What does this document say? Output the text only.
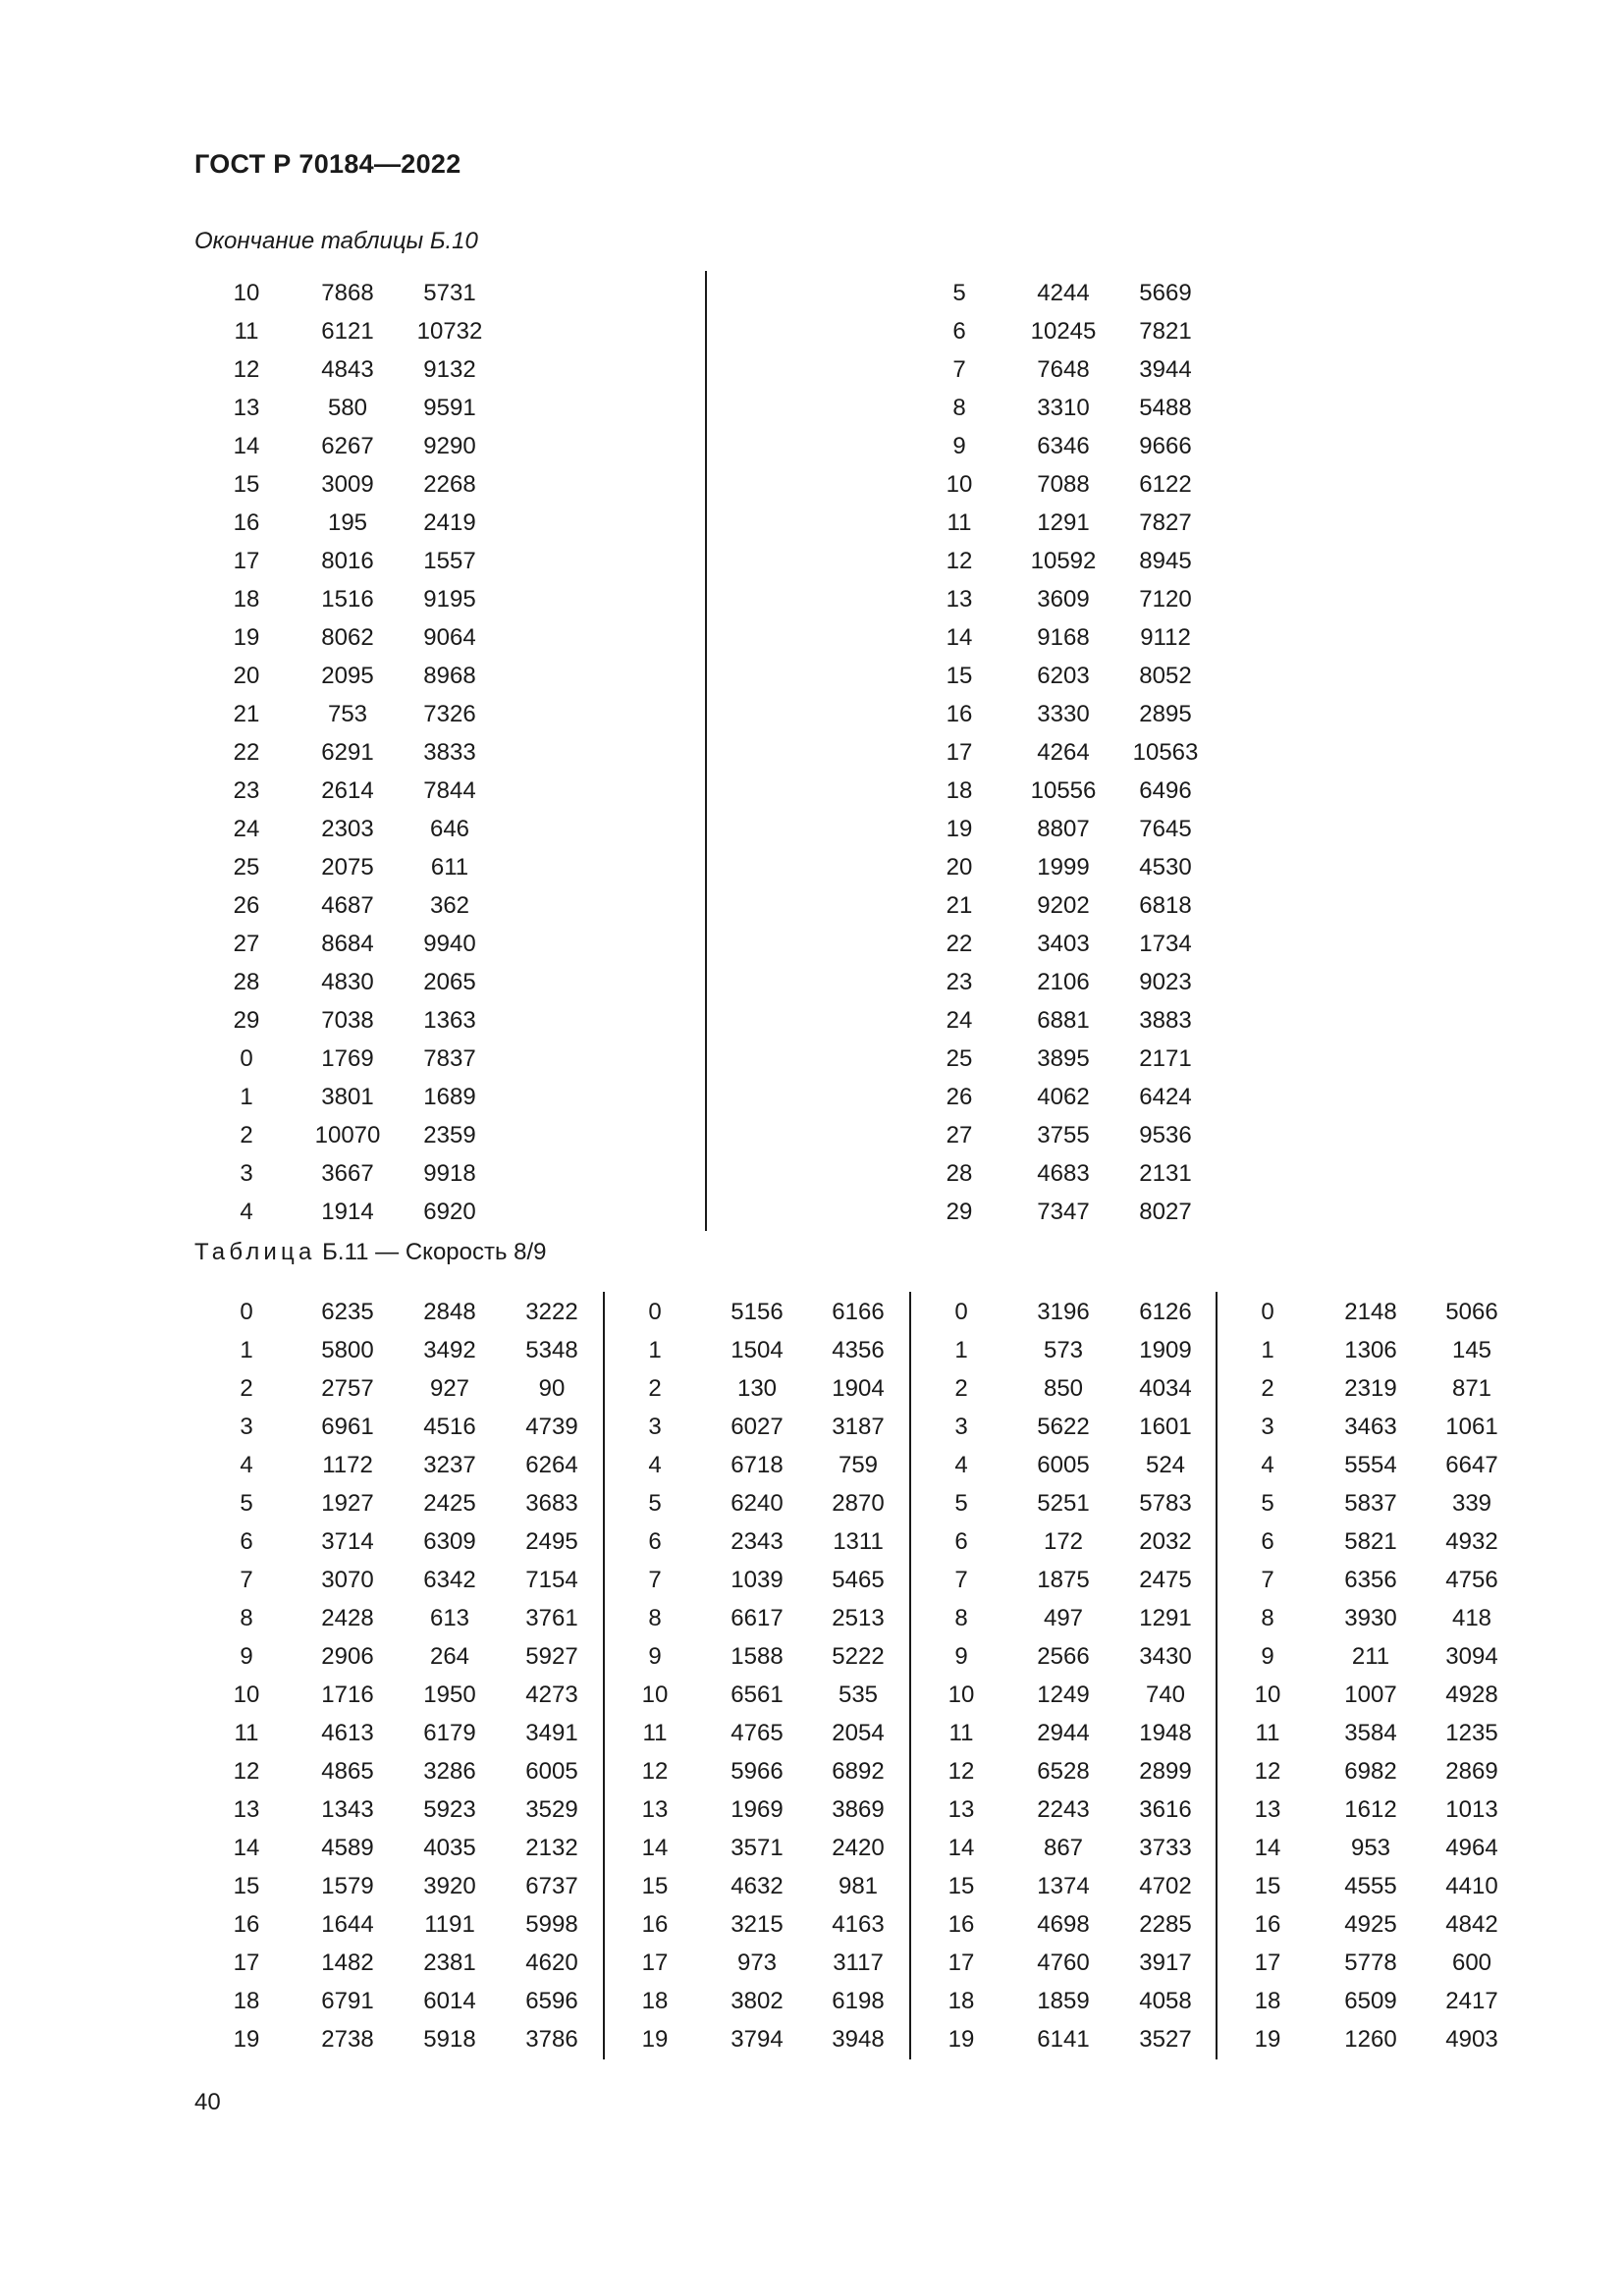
ГОСТ Р 70184—2022
Окончание таблицы Б.10
10	7868 5731
11	6121 10732
12	4843 9132
13	580 9591
14	6267 9290
15	3009 2268
16	195 2419
17	8016 1557
18	1516 9195
19	8062 9064
20	2095 8968
21	753 7326
22	6291 3833
23	2614 7844
24	2303 646
25	2075 611
26	4687 362
27	8684 9940
28	4830 2065
29	7038 1363
0	1769 7837
1	3801 1689
2	10070 2359
3	3667 9918
4	1914 6920
5	4244 5669
6	10245 7821
7	7648 3944
8	3310 5488
9	6346 9666
10	7088 6122
11	1291 7827
12 10592 8945
13	3609 7120
14	9168 9112
15	6203 8052
16	3330 2895
17	4264 10563
18 10556 6496
19	8807 7645
20	1999 4530
21	9202 6818
22	3403 1734
23	2106 9023
24	6881 3883
25	3895 2171
26	4062 6424
27	3755 9536
28	4683 2131
29	7347 8027
Таблица Б.11 — Скорость 8/9
0	6235 2848 3222
1	5800 3492 5348
2	2757 927	90
3	6961 4516 4739
4	1172 3237 6264
5	1927 2425 3683
6	3714 6309 2495
7	3070 6342 7154
8	2428 613 3761
9	2906 264 5927
10	1716 1950 4273
11	4613 6179 3491
12	4865 3286 6005
13	1343 5923 3529
14	4589 4035 2132
15	1579 3920 6737
16	1644 1191 5998
17	1482 2381 4620
18	6791 6014 6596
19	2738 5918 3786
0	5156 6166
1	1504 4356
2	130 1904
3	6027 3187
4	6718 759
5	6240 2870
6	2343 1311
7	1039 5465
8	6617 2513
9	1588 5222
10	6561 535
11	4765 2054
12	5966 6892
13	1969 3869
14	3571 2420
15	4632 981
16	3215 4163
17	973 3117
18	3802 6198
19	3794 3948
0	3196 6126
1	573 1909
2	850 4034
3	5622 1601
4	6005 524
5	5251 5783
6	172 2032
7	1875 2475
8	497 1291
9	2566 3430
10	1249 740
11	2944 1948
12	6528 2899
13	2243 3616
14	867 3733
15	1374 4702
16	4698 2285
17	4760 3917
18	1859 4058
19	6141 3527
0	2148 5066
1	1306 145
2	2319 871
3	3463 1061
4	5554 6647
5	5837 339
6	5821 4932
7	6356 4756
8	3930 418
9	211 3094
10	1007 4928
11	3584 1235
12	6982 2869
13	1612 1013
14	953 4964
15	4555 4410
16	4925 4842
17	5778 600
18	6509 2417
19	1260 4903
40
